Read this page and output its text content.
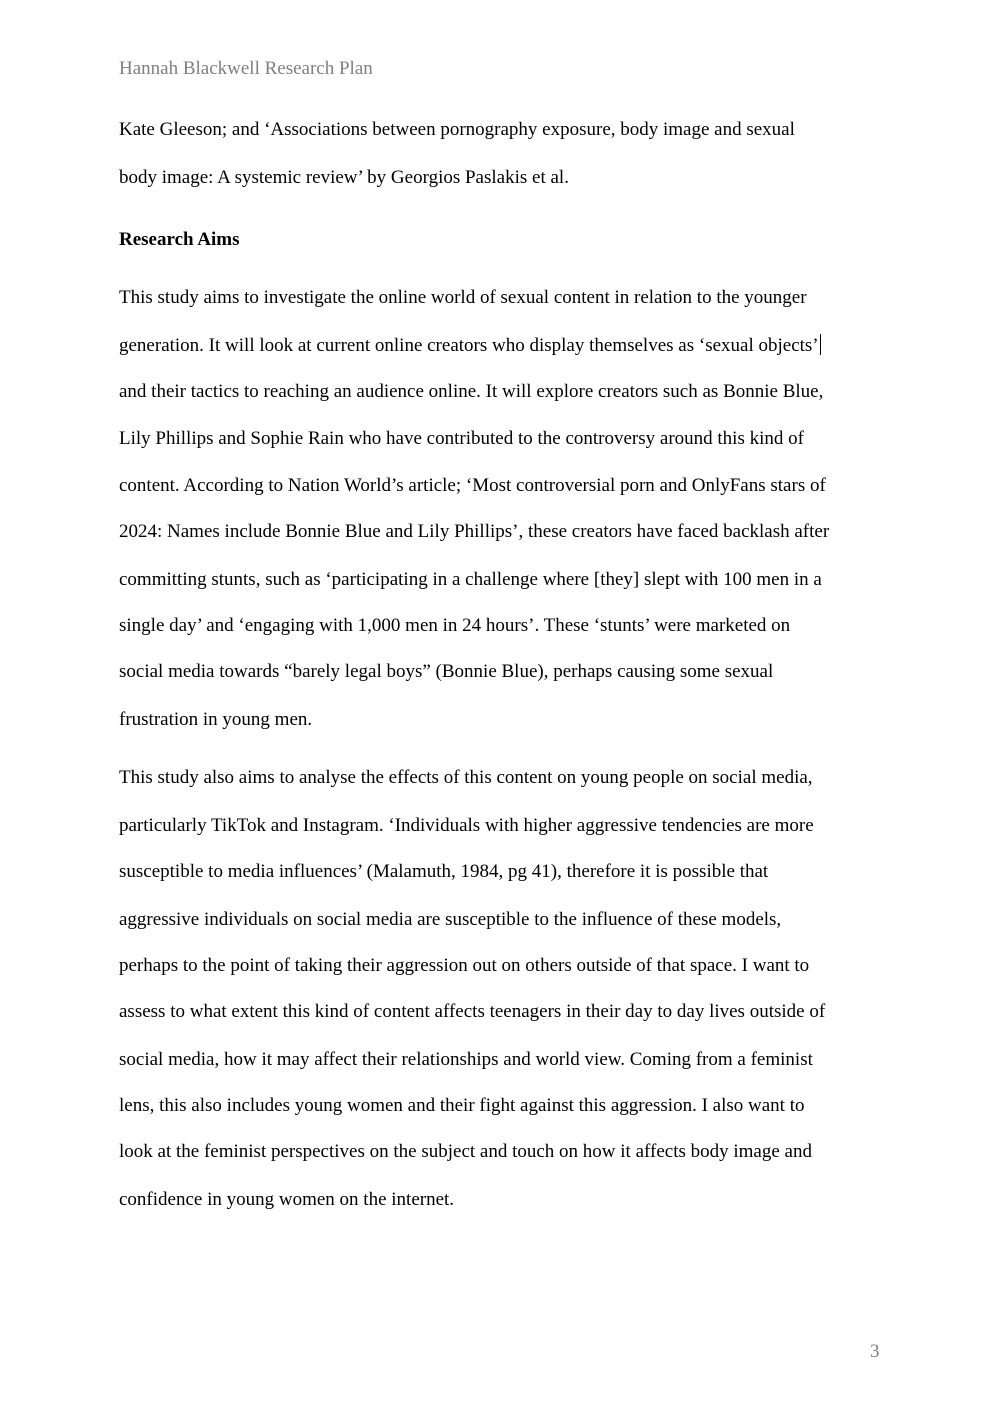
Hannah Blackwell Research Plan
Kate Gleeson; and ‘Associations between pornography exposure, body image and sexual
body image: A systemic review’ by Georgios Paslakis et al.
Research Aims
This study aims to investigate the online world of sexual content in relation to the younger
generation. It will look at current online creators who display themselves as ‘sexual objects’
and their tactics to reaching an audience online. It will explore creators such as Bonnie Blue,
Lily Phillips and Sophie Rain who have contributed to the controversy around this kind of
content. According to Nation World’s article; ‘Most controversial porn and OnlyFans stars of
2024: Names include Bonnie Blue and Lily Phillips’, these creators have faced backlash after
committing stunts, such as ‘participating in a challenge where [they] slept with 100 men in a
single day’ and ‘engaging with 1,000 men in 24 hours’. These ‘stunts’ were marketed on
social media towards “barely legal boys” (Bonnie Blue), perhaps causing some sexual
frustration in young men.
This study also aims to analyse the effects of this content on young people on social media,
particularly TikTok and Instagram. ‘Individuals with higher aggressive tendencies are more
susceptible to media influences’ (Malamuth, 1984, pg 41), therefore it is possible that
aggressive individuals on social media are susceptible to the influence of these models,
perhaps to the point of taking their aggression out on others outside of that space. I want to
assess to what extent this kind of content affects teenagers in their day to day lives outside of
social media, how it may affect their relationships and world view. Coming from a feminist
lens, this also includes young women and their fight against this aggression. I also want to
look at the feminist perspectives on the subject and touch on how it affects body image and
confidence in young women on the internet.
3
